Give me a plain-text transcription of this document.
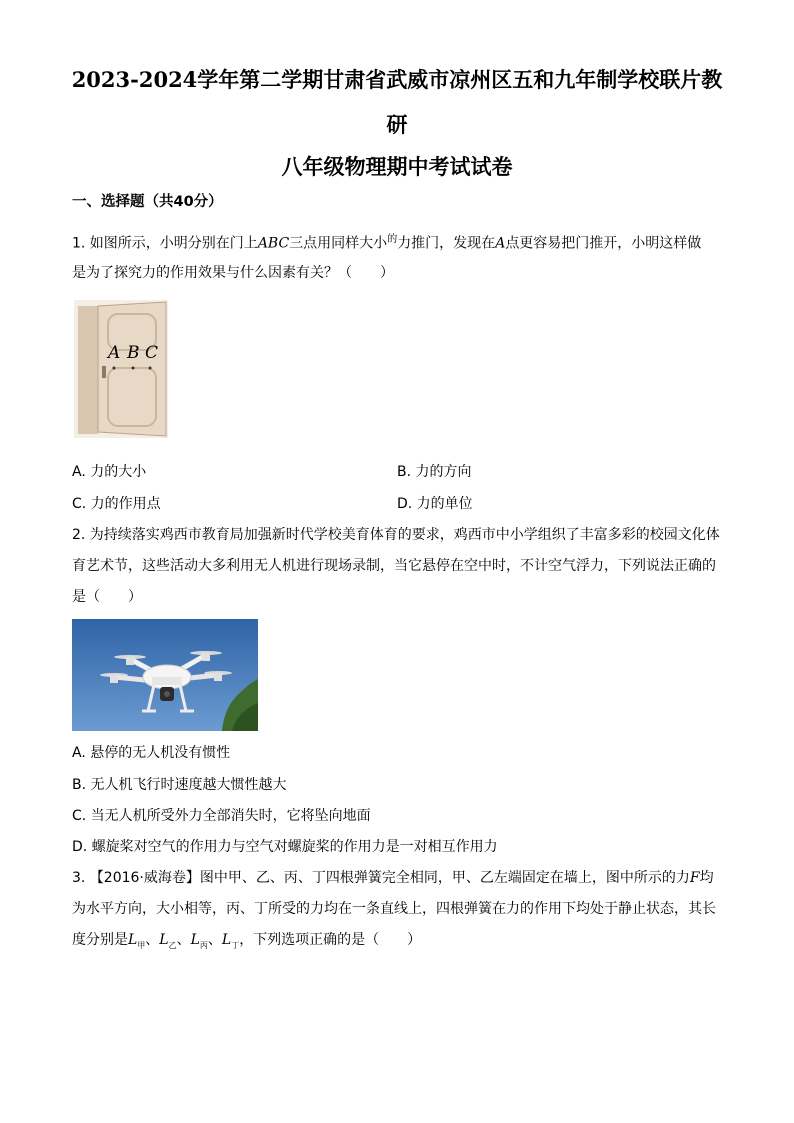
2023-2024学年第二学期甘肃省武威市凉州区五和九年制学校联片教
研
八年级物理期中考试试卷
一、选择题（共40分）
1. 如图所示，小明分别在门上ABC三点用同样大小$^的$力推门，发现在A点更容易把门推开，小明这样做
是为了探究力的作用效果与什么因素有关？（　　）
A B C
A. 力的大小	B. 力的方向
C. 力的作用点	D. 力的单位
2. 为持续落实鸡西市教育局加强新时代学校美育体育的要求，鸡西市中小学组织了丰富多彩的校园文化体
育艺术节，这些活动大多利用无人机进行现场录制，当它悬停在空中时，不计空气浮力，下列说法正确的
是（　　）
A. 悬停的无人机没有惯性
B. 无人机飞行时速度越大惯性越大
C. 当无人机所受外力全部消失时，它将坠向地面
D. 螺旋桨对空气的作用力与空气对螺旋桨的作用力是一对相互作用力
3. 【2016·威海卷】图中甲、乙、丙、丁四根弹簧完全相同，甲、乙左端固定在墙上，图中所示的力F均
为水平方向，大小相等，丙、丁所受的力均在一条直线上，四根弹簧在力的作用下均处于静止状态，其长
度分别是$L_甲$、$L_乙$、$L_丙$、$L_丁$，下列选项正确的是（　　）
